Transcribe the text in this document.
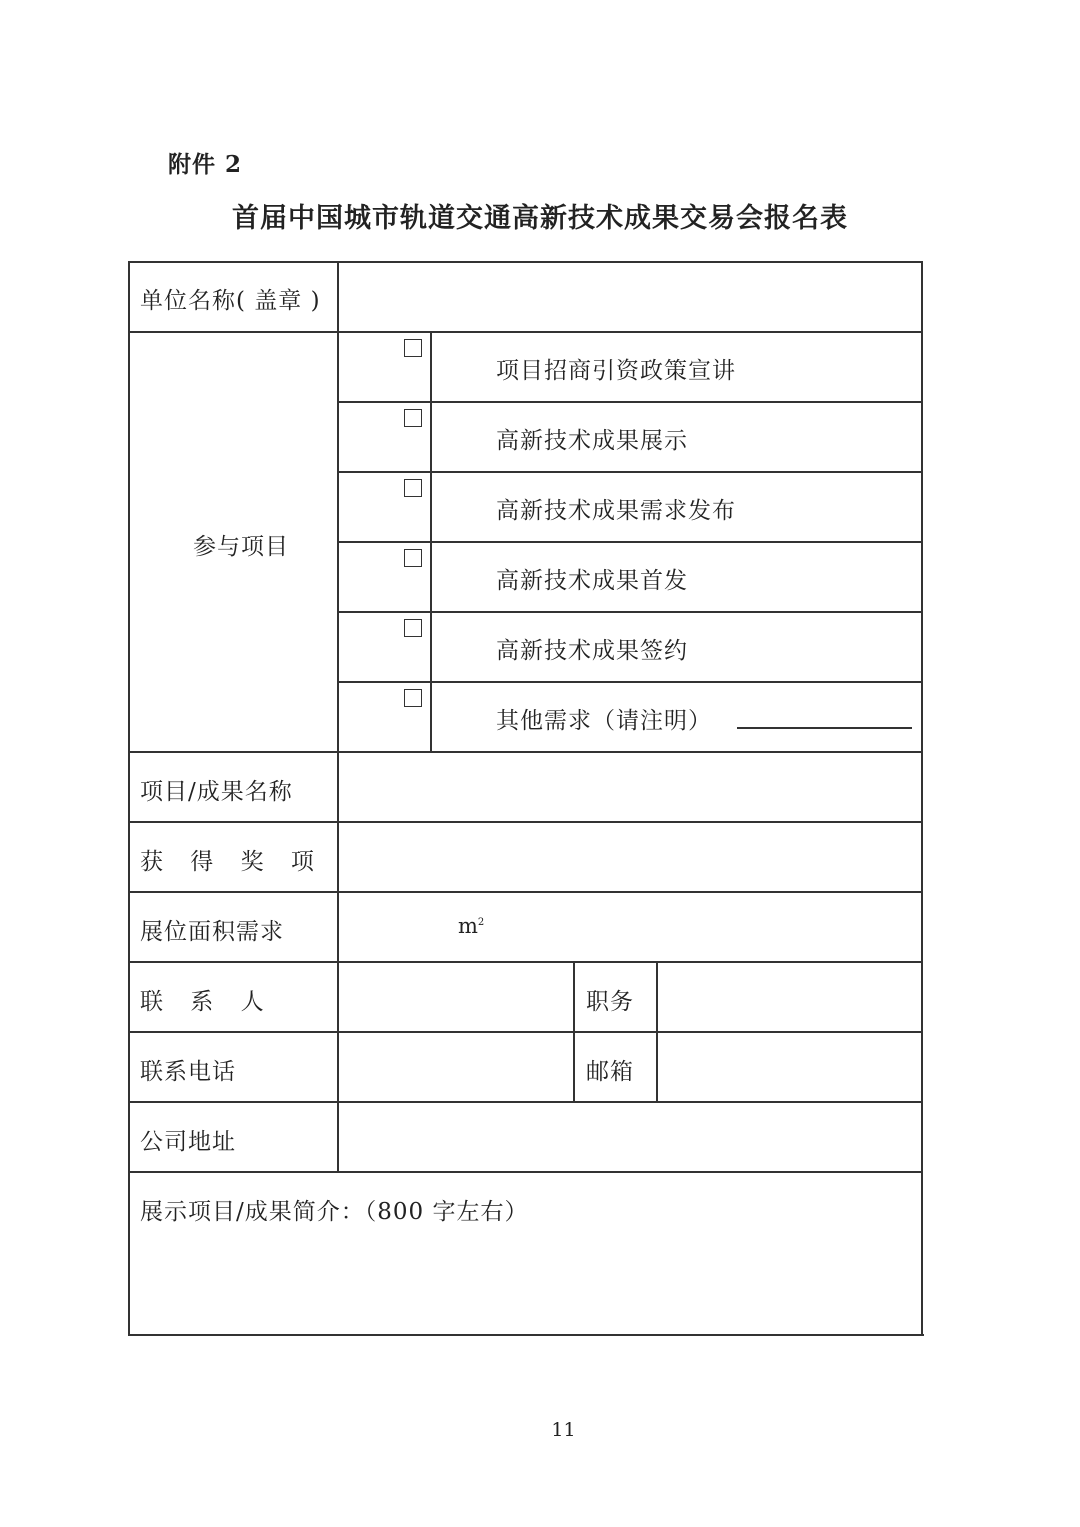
附件 2
首届中国城市轨道交通高新技术成果交易会报名表
单位名称( 盖章 )
参与项目
项目招商引资政策宣讲
高新技术成果展示
高新技术成果需求发布
高新技术成果首发
高新技术成果签约
其他需求（请注明）
项目/成果名称
获 得 奖 项
展位面积需求	$m^2$
联 系 人	职务
联系电话	邮箱
公司地址
展示项目/成果简介：（800 字左右）
11
